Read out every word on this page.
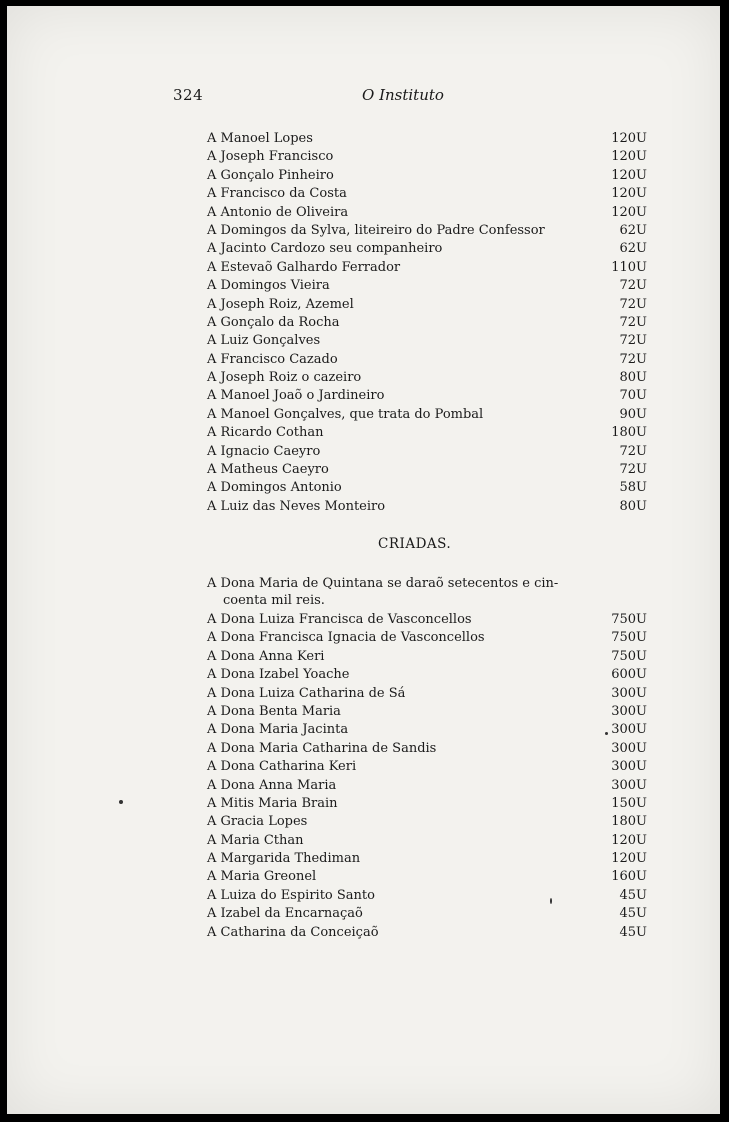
324	O Instituto
A Manoel Lopes	120U
A Joseph Francisco	120U
A Gonçalo Pinheiro	120U
A Francisco da Costa	120U
A Antonio de Oliveira	120U
A Domingos da Sylva, liteireiro do Padre Confessor	62U
A Jacinto Cardozo seu companheiro	62U
A Estevaõ Galhardo Ferrador	110U
A Domingos Vieira	72U
A Joseph Roiz, Azemel	72U
A Gonçalo da Rocha	72U
A Luiz Gonçalves	72U
A Francisco Cazado	72U
A Joseph Roiz o cazeiro	80U
A Manoel Joaõ o Jardineiro	70U
A Manoel Gonçalves, que trata do Pombal	90U
A Ricardo Cothan	180U
A Ignacio Caeyro	72U
A Matheus Caeyro	72U
A Domingos Antonio	58U
A Luiz das Neves Monteiro	80U
CRIADAS.
A Dona Maria de Quintana se daraõ setecentos e cin-
coenta mil reis.
A Dona Luiza Francisca de Vasconcellos	750U
A Dona Francisca Ignacia de Vasconcellos	750U
A Dona Anna Keri	750U
A Dona Izabel Yoache	600U
A Dona Luiza Catharina de Sá	300U
A Dona Benta Maria	300U
A Dona Maria Jacinta	300U
A Dona Maria Catharina de Sandis	300U
A Dona Catharina Keri	300U
A Dona Anna Maria	300U
A Mitis Maria Brain	150U
A Gracia Lopes	180U
A Maria Cthan	120U
A Margarida Thediman	120U
A Maria Greonel	160U
A Luiza do Espirito Santo	45U
A Izabel da Encarnaçaõ	45U
A Catharina da Conceiçaõ	45U
